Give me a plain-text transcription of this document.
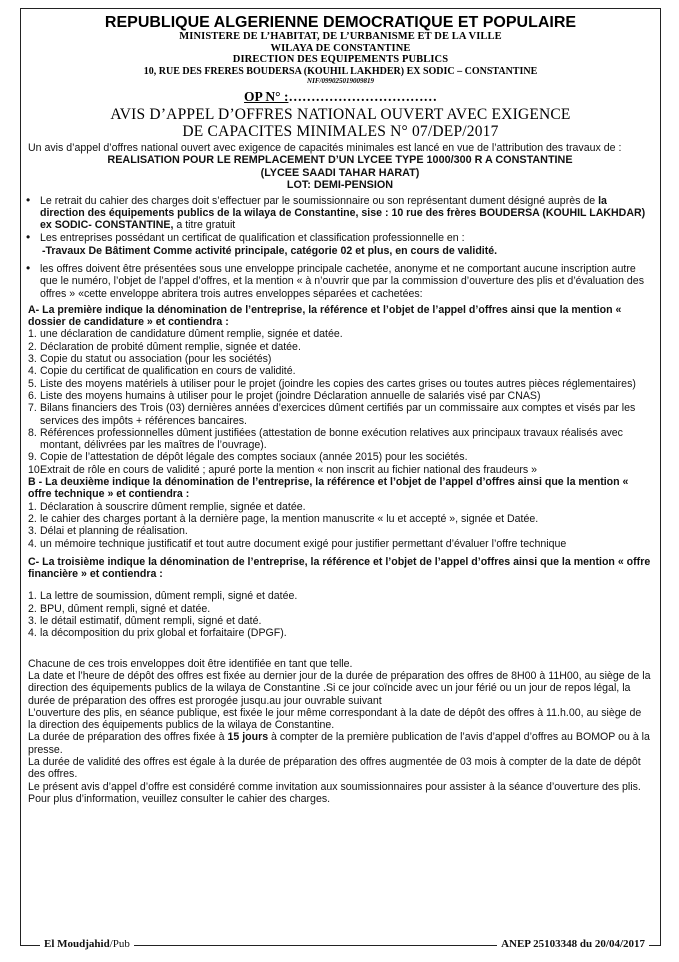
REPUBLIQUE ALGERIENNE DEMOCRATIQUE ET POPULAIRE
MINISTERE DE L’HABITAT, DE L’URBANISME ET DE LA VILLE
WILAYA DE CONSTANTINE
DIRECTION DES EQUIPEMENTS PUBLICS
10, RUE DES FRERES BOUDERSA (KOUHIL LAKHDER) EX SODIC – CONSTANTINE
NIF/099025019009819
OP N° :……………………………
AVIS D’APPEL D’OFFRES NATIONAL OUVERT AVEC EXIGENCE
DE CAPACITES MINIMALES N° 07/DEP/2017

Un avis d’appel d’offres national ouvert avec exigence de capacités minimales est lancé en vue de l’attribution des travaux de :

REALISATION POUR LE REMPLACEMENT D’UN LYCEE TYPE 1000/300 R A CONSTANTINE
(LYCEE SAADI TAHAR HARAT)
LOT: DEMI-PENSION
• Le retrait du cahier des charges doit s’effectuer par le soumissionnaire ou son représentant dument désigné auprès de la direction des équipements publics de la wilaya de Constantine, sise : 10 rue des frères BOUDERSA (KOUHIL LAKHDAR) ex SODIC- CONSTANTINE, a titre gratuit
• Les entreprises possédant un certificat de qualification et classification professionnelle en :
-Travaux De Bâtiment Comme activité principale, catégorie 02 et plus, en cours de validité.
• les offres doivent être présentées sous une enveloppe principale cachetée, anonyme et ne comportant aucune inscription autre que le numéro, l’objet de l’appel d’offres, et la mention « à n’ouvrir que par la commission d’ouverture des plis et d’évaluation des offres » «cette enveloppe abritera trois autres enveloppes séparées et cachetées:
A- La première indique la dénomination de l’entreprise, la référence et l’objet de l’appel d’offres ainsi que la mention « dossier de candidature » et contiendra :
1. une déclaration de candidature dûment remplie, signée et datée.
2. Déclaration de probité dûment remplie, signée et datée.
3. Copie du statut ou association (pour les sociétés)
4. Copie du certificat de qualification en cours de validité.
5. Liste des moyens matériels à utiliser pour le projet (joindre les copies des cartes grises ou toutes autres pièces réglementaires)
6. Liste des moyens humains à utiliser pour le projet (joindre Déclaration annuelle de salariés visé par CNAS)
7. Bilans financiers des Trois (03) dernières années d’exercices dûment certifiés par un commissaire aux comptes et visés par les services des impôts + références bancaires.
8. Références professionnelles dûment justifiées (attestation de bonne exécution relatives aux principaux travaux réalisés avec montant, délivrées par les maîtres de l’ouvrage).
9. Copie de l’attestation de dépôt légale des comptes sociaux (année 2015) pour les sociétés.
10.
Extrait de rôle en cours de validité ; apuré porte la mention « non inscrit au fichier national des fraudeurs »
B - La deuxième indique la dénomination de l’entreprise, la référence et l’objet de l’appel d’offres ainsi que la mention « offre technique » et contiendra :
1. Déclaration à souscrire dûment remplie, signée et datée.
2. le cahier des charges portant à la dernière page, la mention manuscrite « lu et accepté », signée et Datée.
3. Délai et planning de réalisation.
4. un mémoire technique justificatif et tout autre document exigé pour justifier permettant d’évaluer l’offre technique
C- La troisième indique la dénomination de l’entreprise, la référence et l’objet de l’appel d’offres ainsi que la mention « offre financière » et contiendra :
1. La lettre de soumission, dûment rempli, signé et datée.
2. BPU, dûment rempli, signé et datée.
3. le détail estimatif, dûment rempli, signé et daté.
4. la décomposition du prix global et forfaitaire (DPGF).

Chacune de ces trois enveloppes doit être identifiée en tant que telle.

La date et l’heure de dépôt des offres est fixée au dernier jour de la durée de préparation des offres de 8H00 à 11H00, au siège de la direction des équipements publics de la wilaya de Constantine .Si ce jour coïncide avec un jour férié ou un jour de repos légal, la durée de préparation des offres est prorogée jusqu.au jour ouvrable suivant

L’ouverture des plis, en séance publique, est fixée le jour même correspondant à la date de dépôt des offres à 11.h.00, au siège de la direction des équipements publics de la wilaya de Constantine.

La durée de préparation des offres fixée à 15 jours à compter de la première publication de l’avis d’appel d’offres au BOMOP ou à la presse.

La durée de validité des offres est égale à la durée de préparation des offres augmentée de 03 mois à compter de la date de dépôt des offres.

Le présent avis d’appel d’offre est considéré comme invitation aux soumissionnaires pour assister à la séance d’ouverture des plis.

Pour plus d’information, veuillez consulter le cahier des charges.

El Moudjahid/Pub	ANEP 25103348 du 20/04/2017
